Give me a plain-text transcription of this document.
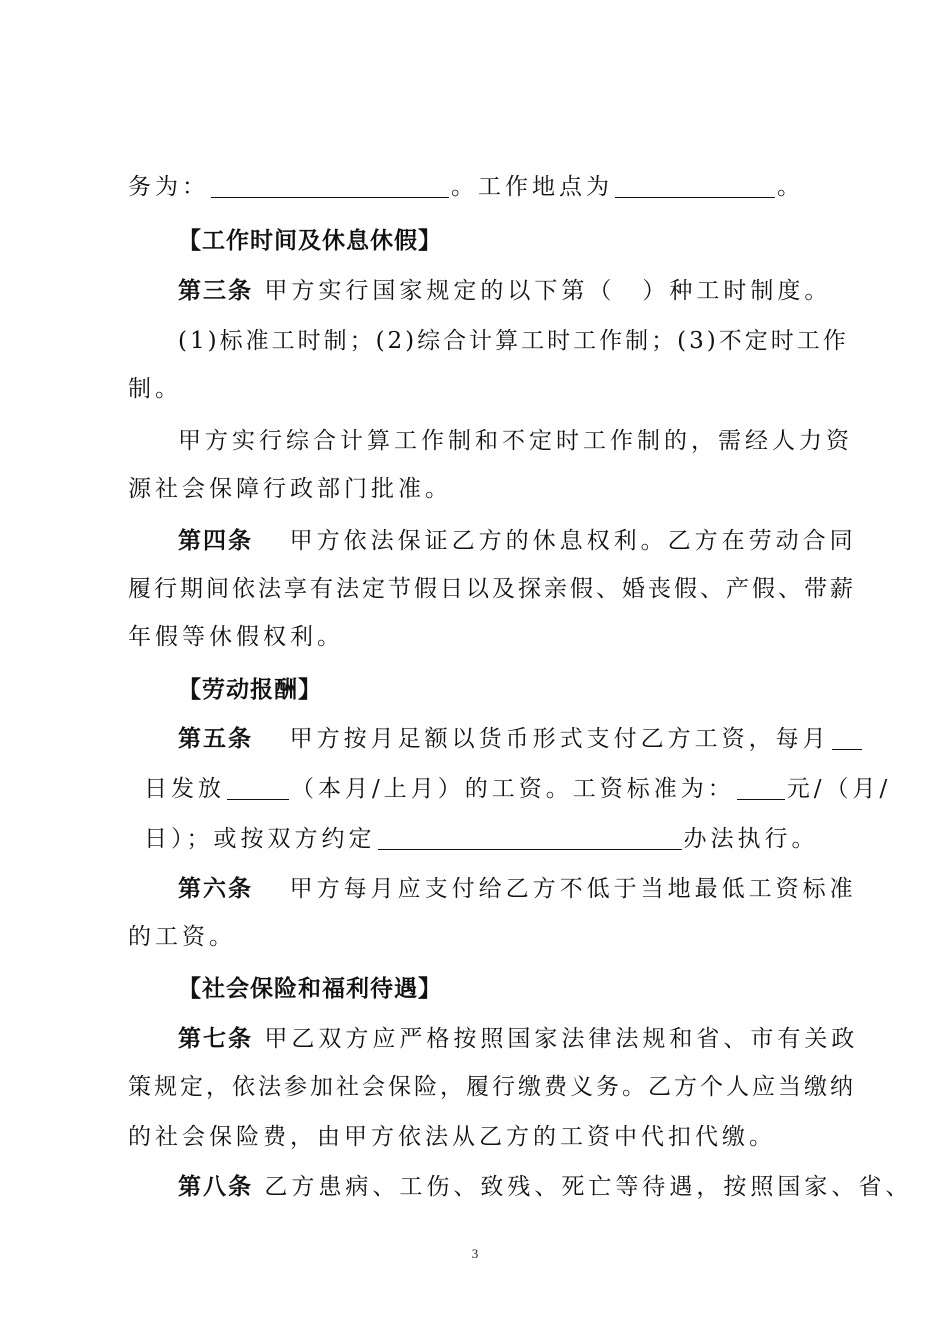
务为：	。工作地点为	。
【工作时间及休息休假】
第三条 甲方实行国家规定的以下第（　）种工时制度。
(1)标准工时制；(2)综合计算工时工作制；(3)不定时工作
制。
甲方实行综合计算工作制和不定时工作制的，需经人力资
源社会保障行政部门批准。
第四条 甲方依法保证乙方的休息权利。乙方在劳动合同
履行期间依法享有法定节假日以及探亲假、婚丧假、产假、带薪
年假等休假权利。
【劳动报酬】
第五条 甲方按月足额以货币形式支付乙方工资，每月
日发放	（本月/上月）的工资。工资标准为： 元/（月/
日）；或按双方约定	办法执行。
第六条 甲方每月应支付给乙方不低于当地最低工资标准
的工资。
【社会保险和福利待遇】
第七条 甲乙双方应严格按照国家法律法规和省、市有关政
策规定，依法参加社会保险，履行缴费义务。乙方个人应当缴纳
的社会保险费，由甲方依法从乙方的工资中代扣代缴。
第八条 乙方患病、工伤、致残、死亡等待遇，按照国家、省、
3
